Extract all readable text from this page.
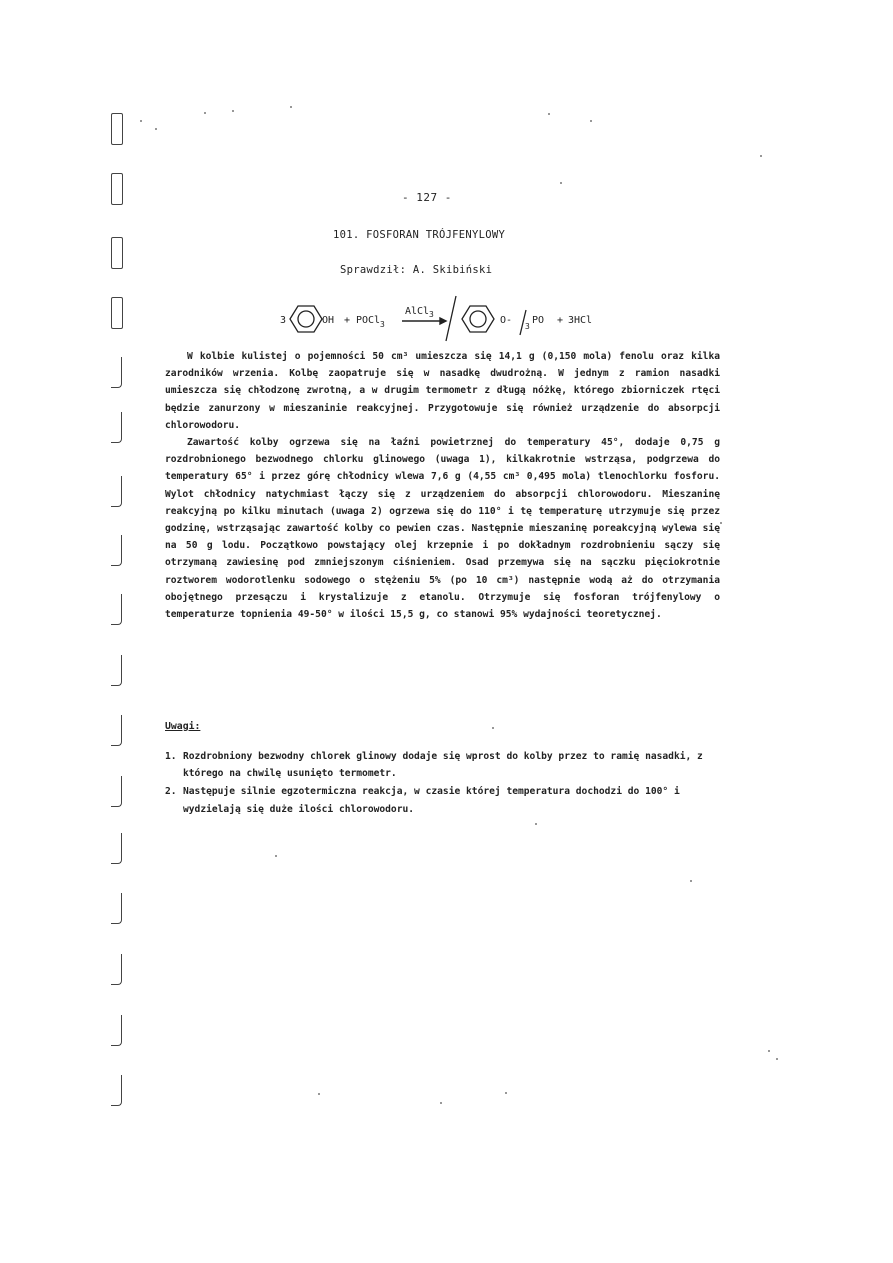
- 127 -
101. FOSFORAN TRÓJFENYLOWY
Sprawdził: A. Skibiński
3	OH + POCl 3
AlCl 3
O-
3
PO + 3HCl

W kolbie kulistej o pojemności 50 cm³ umieszcza się 14,1 g (0,150 mola) fenolu oraz kilka zarodników wrzenia. Kolbę zaopatruje się w nasadkę dwudrożną. W jednym z ramion nasadki umieszcza się chłodzonę zwrotną, a w drugim termometr z długą nóżkę, którego zbiorniczek rtęci będzie zanurzony w mieszaninie reakcyjnej. Przygotowuje się również urządzenie do absorpcji chlorowodoru.

Zawartość kolby ogrzewa się na łaźni powietrznej do temperatury 45°, dodaje 0,75 g rozdrobnionego bezwodnego chlorku glinowego (uwaga 1), kilkakrotnie wstrząsa, podgrzewa do temperatury 65° i przez górę chłodnicy wlewa 7,6 g (4,55 cm³ 0,495 mola) tlenochlorku fosforu. Wylot chłodnicy natychmiast łączy się z urządzeniem do absorpcji chlorowodoru. Mieszaninę reakcyjną po kilku minutach (uwaga 2) ogrzewa się do 110° i tę temperaturę utrzymuje się przez godzinę, wstrząsając zawartość kolby co pewien czas. Następnie mieszaninę poreakcyjną wylewa się na 50 g lodu. Początkowo powstający olej krzepnie i po dokładnym rozdrobnieniu sączy się otrzymaną zawiesinę pod zmniejszonym ciśnieniem. Osad przemywa się na sączku pięciokrotnie roztworem wodorotlenku sodowego o stężeniu 5% (po 10 cm³) następnie wodą aż do otrzymania obojętnego przesączu i krystalizuje z etanolu. Otrzymuje się fosforan trójfenylowy o temperaturze topnienia 49-50° w ilości 15,5 g, co stanowi 95% wydajności teoretycznej.

Uwagi:
1. Rozdrobniony bezwodny chlorek glinowy dodaje się wprost do kolby przez to ramię nasadki, z którego na chwilę usunięto termometr.
2. Następuje silnie egzotermiczna reakcja, w czasie której temperatura dochodzi do 100° i wydzielają się duże ilości chlorowodoru.
